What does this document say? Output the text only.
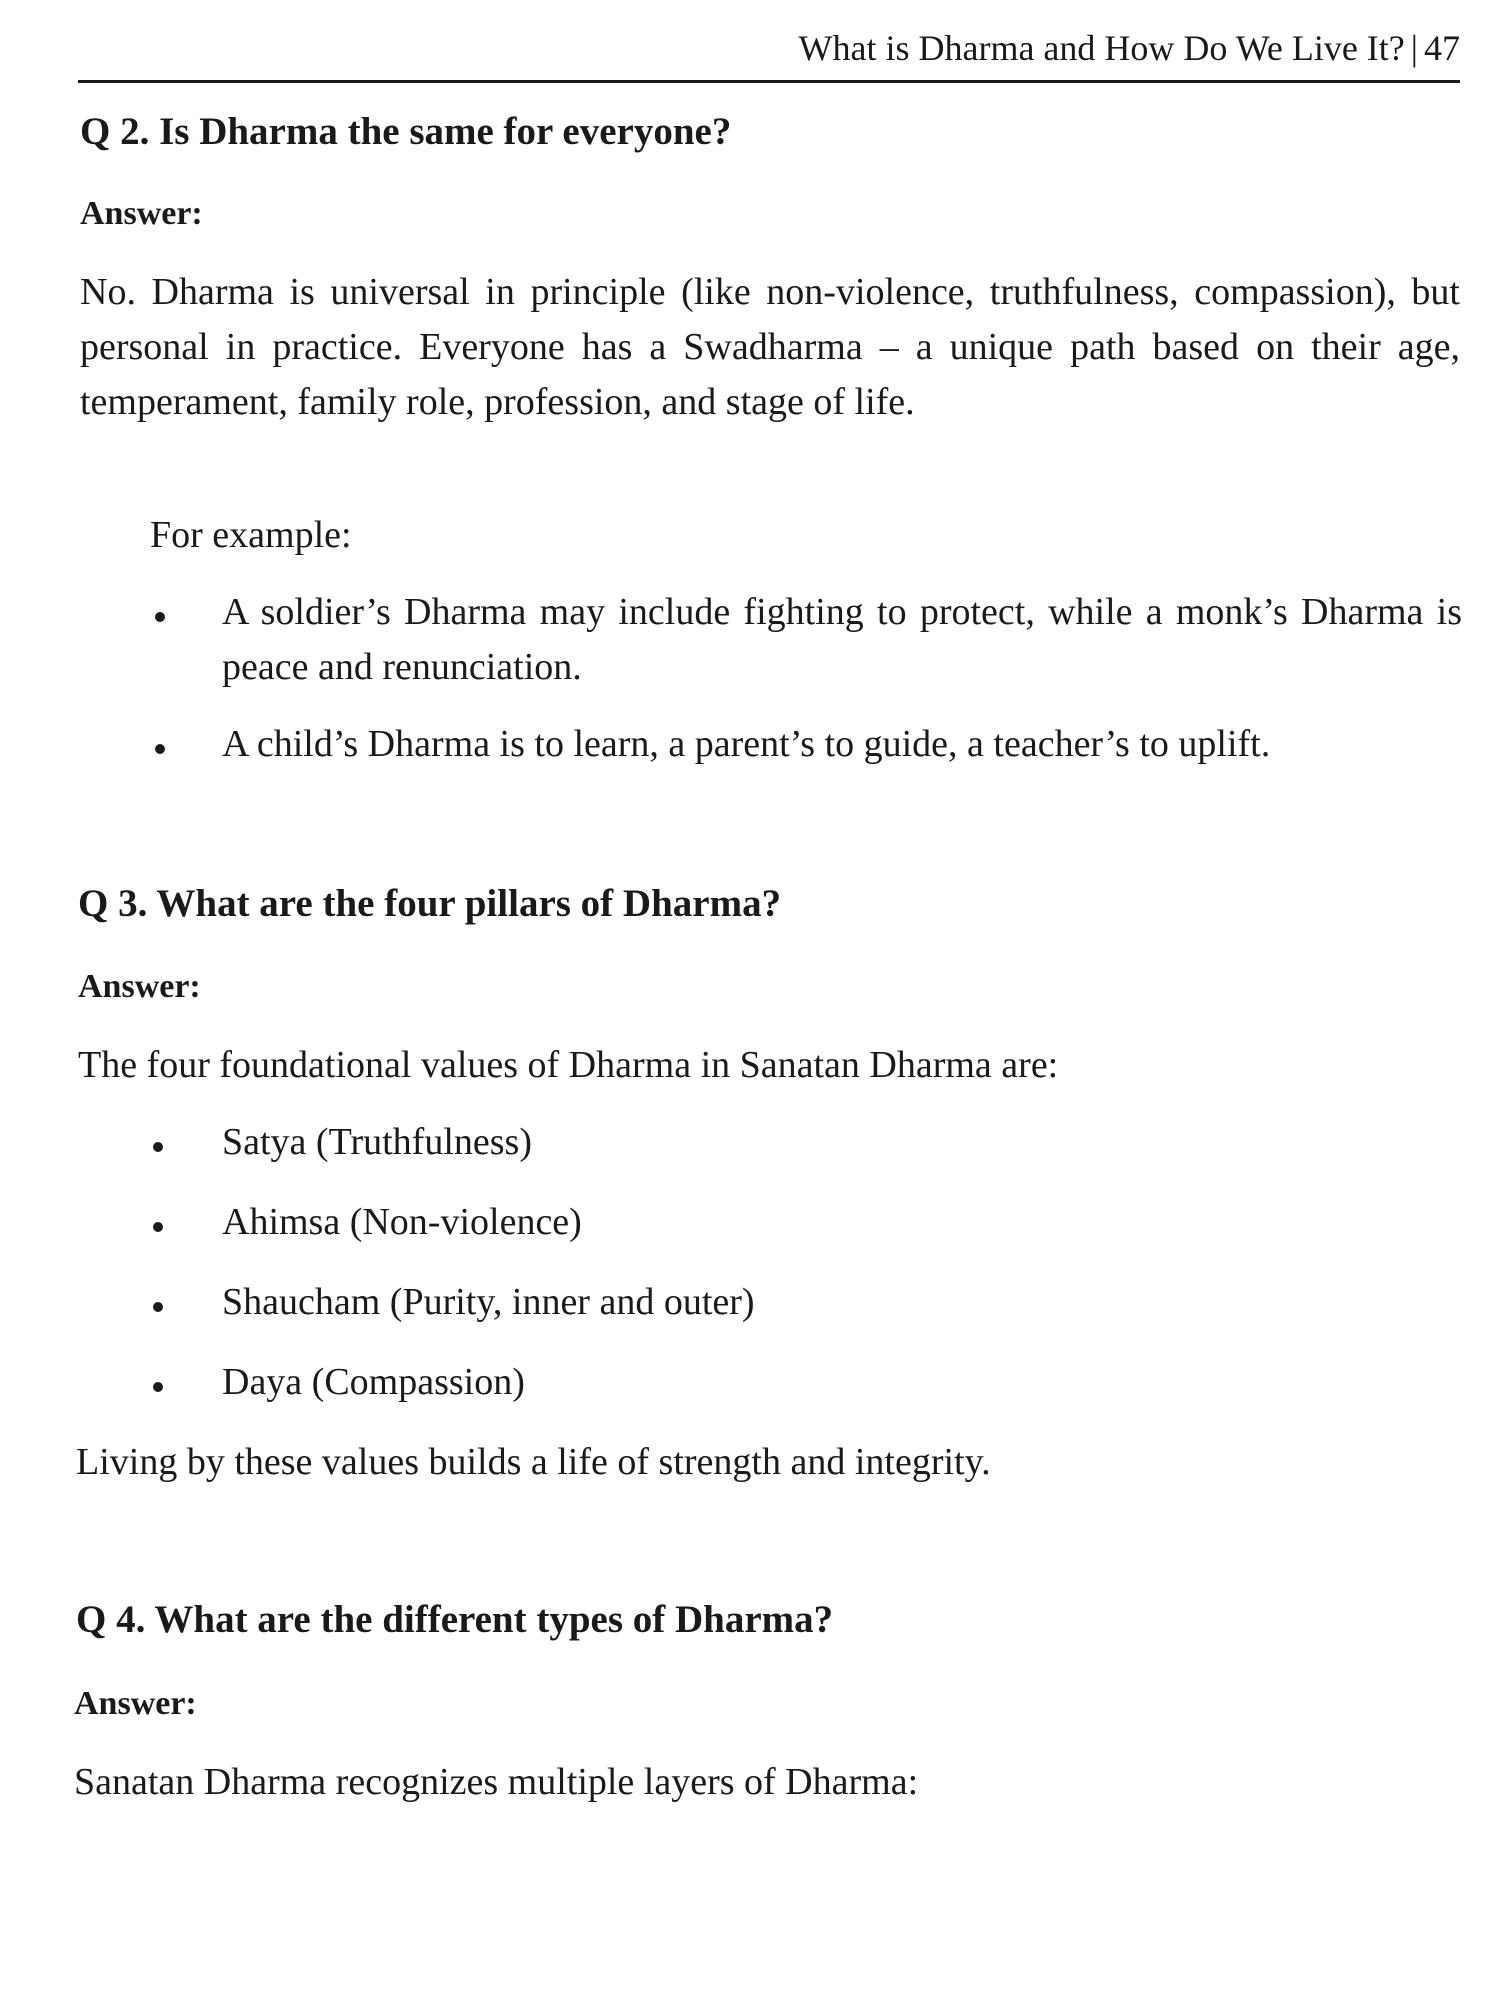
What is Dharma and How Do We Live It? | 47
Q 2. Is Dharma the same for everyone?
Answer:
No. Dharma is universal in principle (like non-violence, truthfulness, compassion), but personal in practice. Everyone has a Swadharma – a unique path based on their age, temperament, family role, profession, and stage of life.
For example:
A soldier’s Dharma may include fighting to protect, while a monk’s Dharma is peace and renunciation.
A child’s Dharma is to learn, a parent’s to guide, a teacher’s to uplift.
Q 3. What are the four pillars of Dharma?
Answer:
The four foundational values of Dharma in Sanatan Dharma are:
Satya (Truthfulness)
Ahimsa (Non-violence)
Shaucham (Purity, inner and outer)
Daya (Compassion)
Living by these values builds a life of strength and integrity.
Q 4. What are the different types of Dharma?
Answer:
Sanatan Dharma recognizes multiple layers of Dharma:
